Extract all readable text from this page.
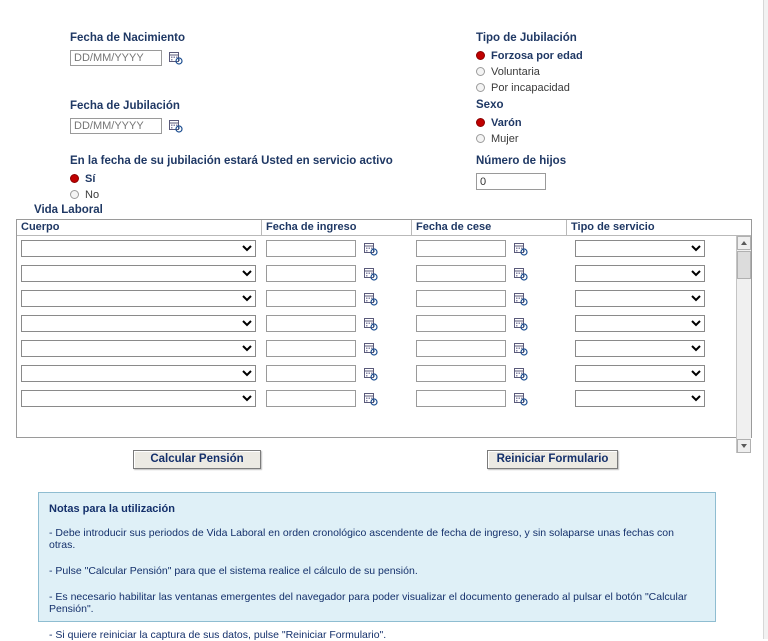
Fecha de Nacimiento
DD/MM/YYYY
Fecha de Jubilación
DD/MM/YYYY
En la fecha de su jubilación estará Usted en servicio activo
Sí
No
Tipo de Jubilación
Forzosa por edad
Voluntaria
Por incapacidad
Sexo
Varón
Mujer
Número de hijos
0
Vida Laboral
Cuerpo	Fecha de ingreso	Fecha de cese	Tipo de servicio
Calcular Pensión	Reiniciar Formulario
Notas para la utilización
- Debe introducir sus periodos de Vida Laboral en orden cronológico ascendente de fecha de ingreso, y sin solaparse unas fechas con otras.
- Pulse "Calcular Pensión" para que el sistema realice el cálculo de su pensión.
- Es necesario habilitar las ventanas emergentes del navegador para poder visualizar el documento generado al pulsar el botón "Calcular Pensión".
- Si quiere reiniciar la captura de sus datos, pulse "Reiniciar Formulario".
